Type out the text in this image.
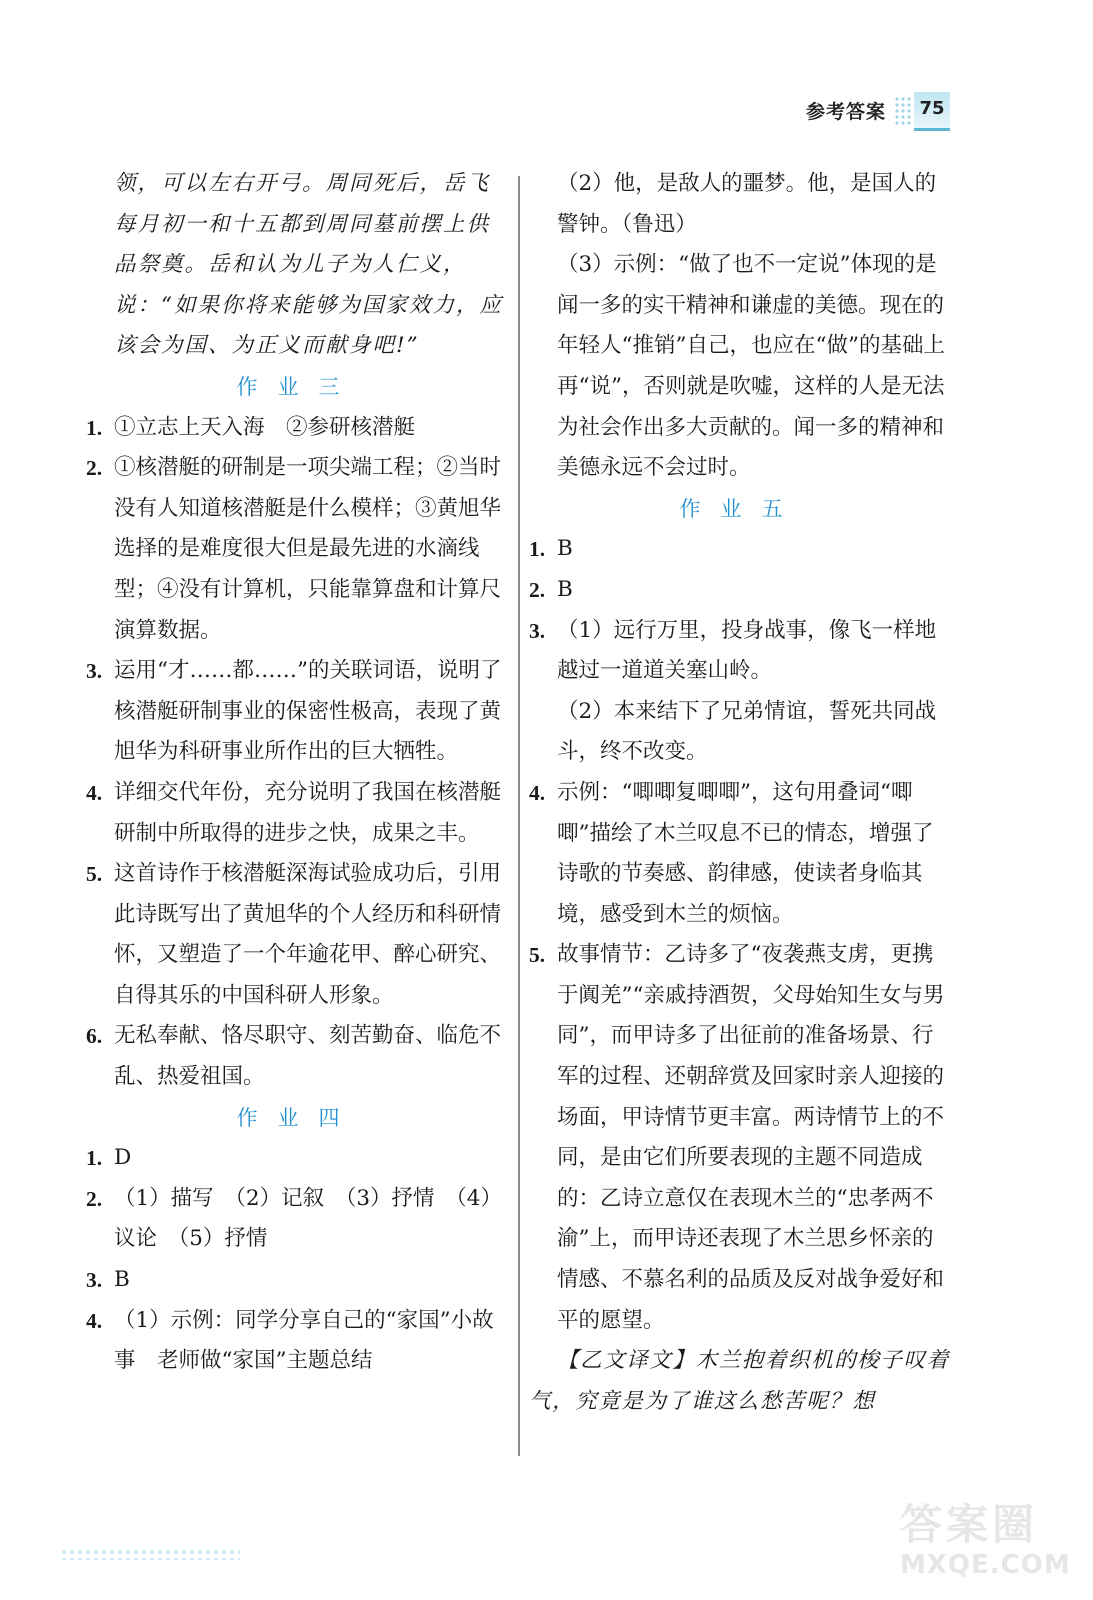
参考答案	75

领，可以左右开弓。周同死后，岳飞每月初一和十五都到周同墓前摆上供品祭奠。岳和认为儿子为人仁义，说：“如果你将来能够为国家效力，应该会为国、为正义而献身吧!”

作业三

1. ①立志上天入海　②参研核潜艇

2. ①核潜艇的研制是一项尖端工程；②当时没有人知道核潜艇是什么模样；③黄旭华选择的是难度很大但是最先进的水滴线型；④没有计算机，只能靠算盘和计算尺演算数据。

3. 运用“才……都……”的关联词语，说明了核潜艇研制事业的保密性极高，表现了黄旭华为科研事业所作出的巨大牺牲。

4. 详细交代年份，充分说明了我国在核潜艇研制中所取得的进步之快，成果之丰。

5. 这首诗作于核潜艇深海试验成功后，引用此诗既写出了黄旭华的个人经历和科研情怀，又塑造了一个年逾花甲、醉心研究、自得其乐的中国科研人形象。

6. 无私奉献、恪尽职守、刻苦勤奋、临危不乱、热爱祖国。

作业四

1. D

2. （1）描写　（2）记叙　（3）抒情　（4）议论　（5）抒情

3. B

4. （1）示例：同学分享自己的“家国”小故事　老师做“家国”主题总结

（2）他，是敌人的噩梦。他，是国人的警钟。（鲁迅）

（3）示例：“做了也不一定说”体现的是闻一多的实干精神和谦虚的美德。现在的年轻人“推销”自己，也应在“做”的基础上再“说”，否则就是吹嘘，这样的人是无法为社会作出多大贡献的。闻一多的精神和美德永远不会过时。

作业五

1. B

2. B

3. （1）远行万里，投身战事，像飞一样地越过一道道关塞山岭。

（2）本来结下了兄弟情谊，誓死共同战斗，终不改变。

4. 示例：“唧唧复唧唧”，这句用叠词“唧唧”描绘了木兰叹息不已的情态，增强了诗歌的节奏感、韵律感，使读者身临其境，感受到木兰的烦恼。

5. 故事情节：乙诗多了“夜袭燕支虏，更携于阗羌”“亲戚持酒贺，父母始知生女与男同”，而甲诗多了出征前的准备场景、行军的过程、还朝辞赏及回家时亲人迎接的场面，甲诗情节更丰富。两诗情节上的不同，是由它们所要表现的主题不同造成的：乙诗立意仅在表现木兰的“忠孝两不渝”上，而甲诗还表现了木兰思乡怀亲的情感、不慕名利的品质及反对战争爱好和平的愿望。

【乙文译文】木兰抱着织机的梭子叹着气，究竟是为了谁这么愁苦呢？想

答案圈
MXQE.COM
